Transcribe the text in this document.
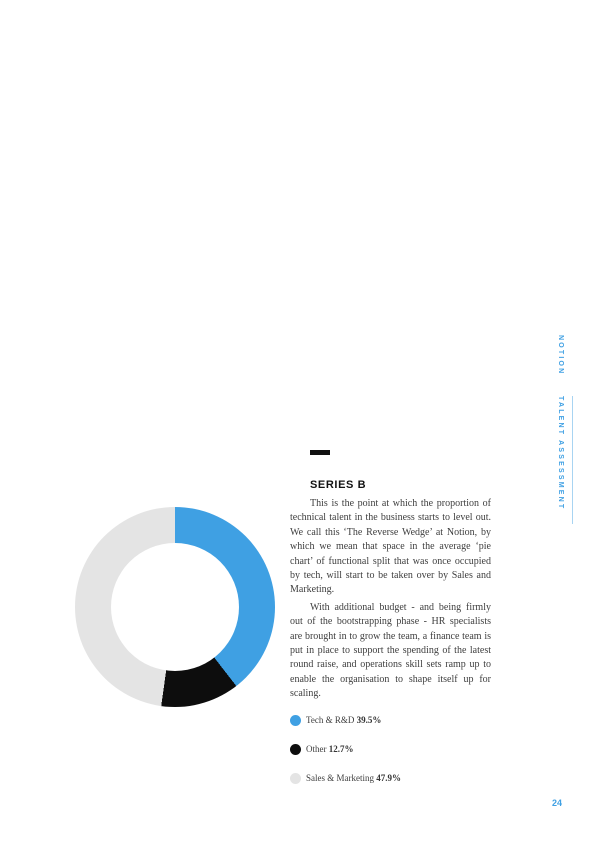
SERIES B

This is the point at which the proportion of technical talent in the business starts to level out. We call this ‘The Reverse Wedge’ at Notion, by which we mean that space in the average ‘pie chart’ of functional split that was once occupied by tech, will start to be taken over by Sales and Marketing.

With additional budget - and being firmly out of the bootstrapping phase - HR specialists are brought in to grow the team, a finance team is put in place to support the spending of the latest round raise, and operations skill sets ramp up to enable the organisation to shape itself up for scaling.

Tech & R&D 39.5%
Other 12.7%
Sales & Marketing 47.9%
NOTION
TALENT ASSESSMENT
24
